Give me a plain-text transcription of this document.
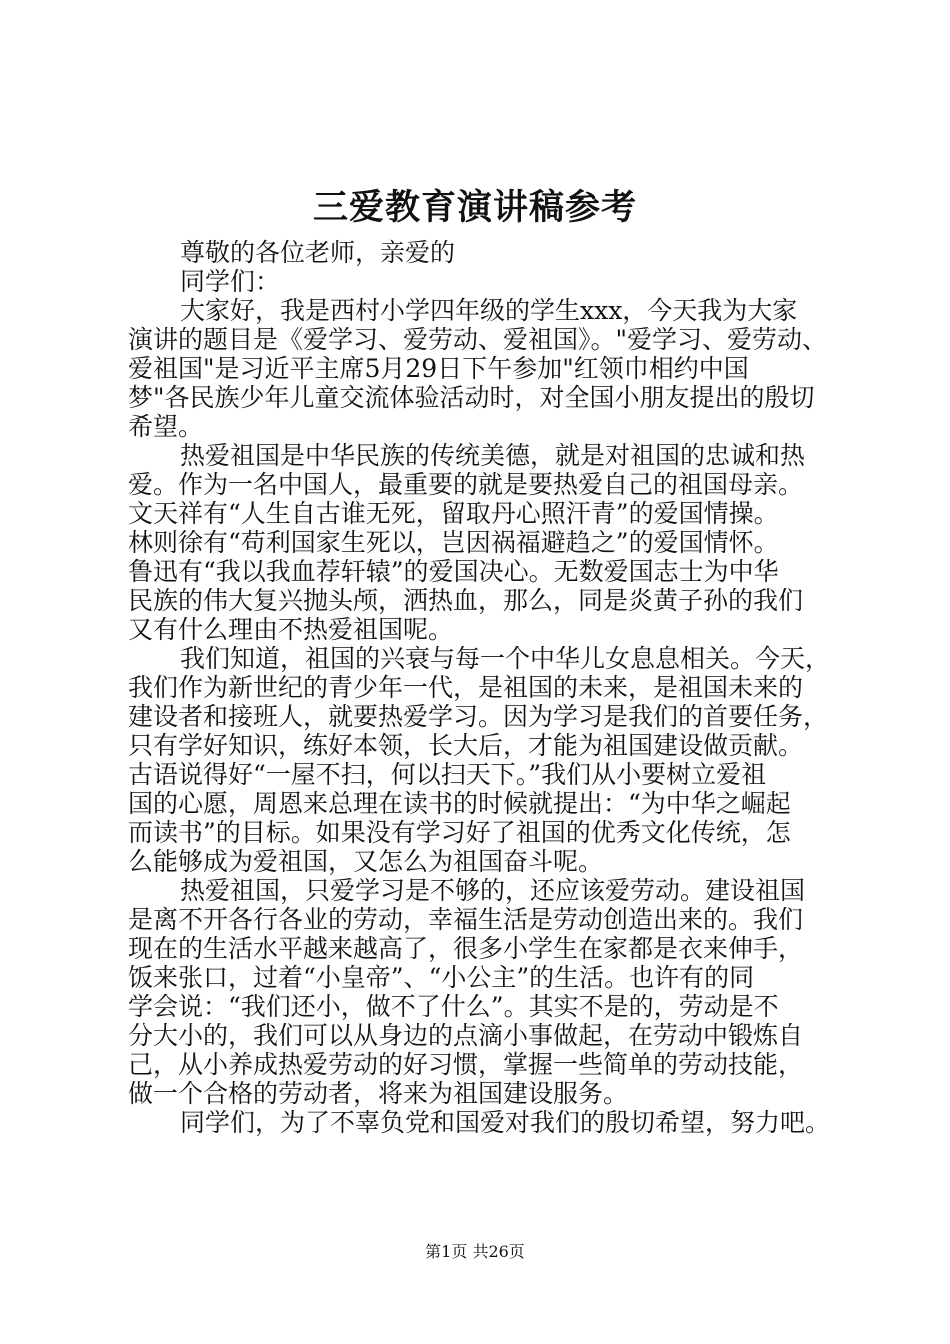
三爱教育演讲稿参考
尊敬的各位老师，亲爱的
同学们：
大家好，我是西村小学四年级的学生xxx，今天我为大家
演讲的题目是《爱学习、爱劳动、爱祖国》。"爱学习、爱劳动、
爱祖国"是习近平主席5月29日下午参加"红领巾相约中国
梦"各民族少年儿童交流体验活动时，对全国小朋友提出的殷切
希望。
热爱祖国是中华民族的传统美德，就是对祖国的忠诚和热
爱。作为一名中国人，最重要的就是要热爱自己的祖国母亲。
文天祥有“人生自古谁无死，留取丹心照汗青”的爱国情操。
林则徐有“苟利国家生死以，岂因祸福避趋之”的爱国情怀。
鲁迅有“我以我血荐轩辕”的爱国决心。无数爱国志士为中华
民族的伟大复兴抛头颅，洒热血，那么，同是炎黄子孙的我们
又有什么理由不热爱祖国呢。
我们知道，祖国的兴衰与每一个中华儿女息息相关。今天，
我们作为新世纪的青少年一代，是祖国的未来，是祖国未来的
建设者和接班人，就要热爱学习。因为学习是我们的首要任务，
只有学好知识，练好本领，长大后，才能为祖国建设做贡献。
古语说得好“一屋不扫，何以扫天下。”我们从小要树立爱祖
国的心愿，周恩来总理在读书的时候就提出：“为中华之崛起
而读书”的目标。如果没有学习好了祖国的优秀文化传统，怎
么能够成为爱祖国，又怎么为祖国奋斗呢。
热爱祖国，只爱学习是不够的，还应该爱劳动。建设祖国
是离不开各行各业的劳动，幸福生活是劳动创造出来的。我们
现在的生活水平越来越高了，很多小学生在家都是衣来伸手，
饭来张口，过着“小皇帝”、“小公主”的生活。也许有的同
学会说：“我们还小，做不了什么”。其实不是的，劳动是不
分大小的，我们可以从身边的点滴小事做起，在劳动中锻炼自
己，从小养成热爱劳动的好习惯，掌握一些简单的劳动技能，
做一个合格的劳动者，将来为祖国建设服务。
同学们，为了不辜负党和国爱对我们的殷切希望，努力吧。
第1页 共26页
